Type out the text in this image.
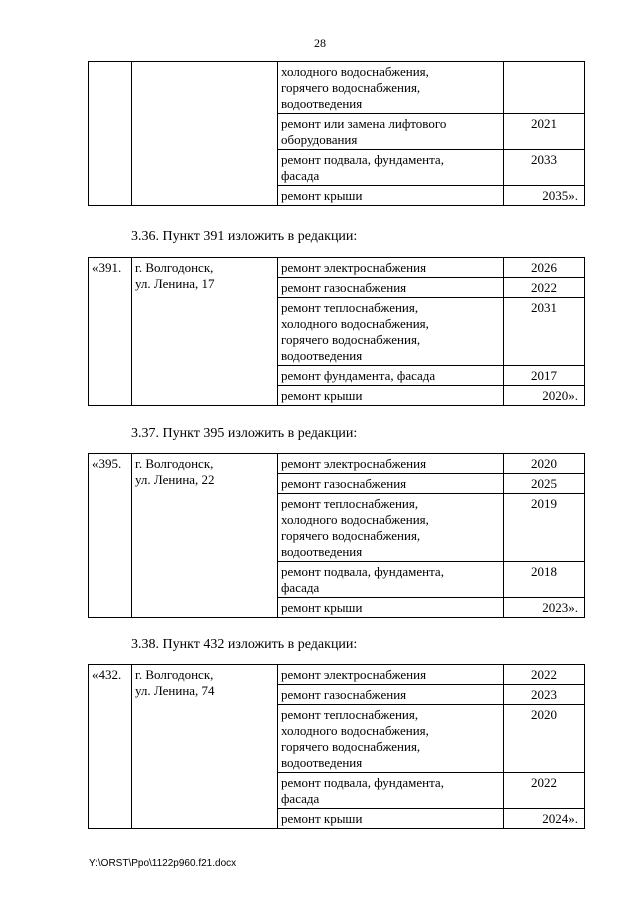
28

		холодного водоснабжения,
горячего водоснабжения,
водоотведения	

		ремонт или замена лифтового
оборудования	2021

		ремонт подвала, фундамента,
фасада	2033

		ремонт крыши	2035».
3.36. Пункт 391 изложить в редакции:
«391.	г. Волгодонск,
ул. Ленина, 17	ремонт электроснабжения	2026

		ремонт газоснабжения	2022

		ремонт теплоснабжения,
холодного водоснабжения,
горячего водоснабжения,
водоотведения	2031

		ремонт фундамента, фасада	2017

		ремонт крыши	2020».
3.37. Пункт 395 изложить в редакции:
«395.	г. Волгодонск,
ул. Ленина, 22	ремонт электроснабжения	2020

		ремонт газоснабжения	2025

		ремонт теплоснабжения,
холодного водоснабжения,
горячего водоснабжения,
водоотведения	2019

		ремонт подвала, фундамента,
фасада	2018

		ремонт крыши	2023».
3.38. Пункт 432 изложить в редакции:
«432.	г. Волгодонск,
ул. Ленина, 74	ремонт электроснабжения	2022

		ремонт газоснабжения	2023

		ремонт теплоснабжения,
холодного водоснабжения,
горячего водоснабжения,
водоотведения	2020

		ремонт подвала, фундамента,
фасада	2022

		ремонт крыши	2024».
Y:\ORST\Ppo\1122p960.f21.docx
